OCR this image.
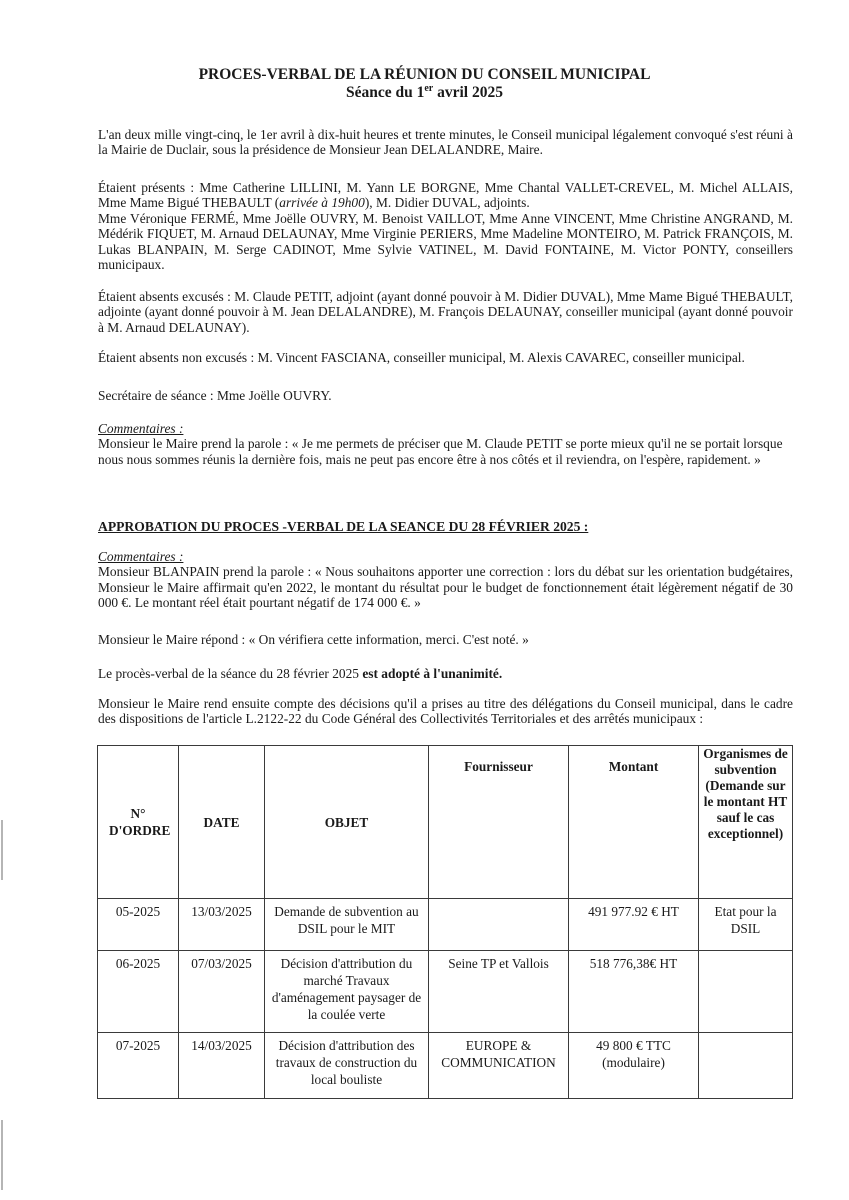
PROCES-VERBAL DE LA RÉUNION DU CONSEIL MUNICIPAL
Séance du 1er avril 2025

L'an deux mille vingt-cinq, le 1er avril à dix-huit heures et trente minutes, le Conseil municipal légalement convoqué s'est réuni à la Mairie de Duclair, sous la présidence de Monsieur Jean DELALANDRE, Maire.

Étaient présents : Mme Catherine LILLINI, M. Yann LE BORGNE, Mme Chantal VALLET-CREVEL, M. Michel ALLAIS, Mme Mame Bigué THEBAULT (arrivée à 19h00), M. Didier DUVAL, adjoints.
Mme Véronique FERMÉ, Mme Joëlle OUVRY, M. Benoist VAILLOT, Mme Anne VINCENT, Mme Christine ANGRAND, M. Médérik FIQUET, M. Arnaud DELAUNAY, Mme Virginie PERIERS, Mme Madeline MONTEIRO, M. Patrick FRANÇOIS, M. Lukas BLANPAIN, M. Serge CADINOT, Mme Sylvie VATINEL, M. David FONTAINE, M. Victor PONTY, conseillers municipaux.

Étaient absents excusés : M. Claude PETIT, adjoint (ayant donné pouvoir à M. Didier DUVAL), Mme Mame Bigué THEBAULT, adjointe (ayant donné pouvoir à M. Jean DELALANDRE), M. François DELAUNAY, conseiller municipal (ayant donné pouvoir à M. Arnaud DELAUNAY).

Étaient absents non excusés : M. Vincent FASCIANA, conseiller municipal, M. Alexis CAVAREC, conseiller municipal.

Secrétaire de séance : Mme Joëlle OUVRY.

Commentaires :
Monsieur le Maire prend la parole : « Je me permets de préciser que M. Claude PETIT se porte mieux qu'il ne se portait lorsque nous nous sommes réunis la dernière fois, mais ne peut pas encore être à nos côtés et il reviendra, on l'espère, rapidement. »
APPROBATION DU PROCES -VERBAL DE LA SEANCE DU 28 FÉVRIER 2025 :
Commentaires :
Monsieur BLANPAIN prend la parole : « Nous souhaitons apporter une correction : lors du débat sur les orientation budgétaires, Monsieur le Maire affirmait qu'en 2022, le montant du résultat pour le budget de fonctionnement était légèrement négatif de 30 000 €. Le montant réel était pourtant négatif de 174 000 €. »

Monsieur le Maire répond : « On vérifiera cette information, merci. C'est noté. »

Le procès-verbal de la séance du 28 février 2025 est adopté à l'unanimité.

Monsieur le Maire rend ensuite compte des décisions qu'il a prises au titre des délégations du Conseil municipal, dans le cadre des dispositions de l'article L.2122-22 du Code Général des Collectivités Territoriales et des arrêtés municipaux :

N° D'ORDRE	DATE	OBJET	Fournisseur	Montant	Organismes de subvention (Demande sur le montant HT sauf le cas exceptionnel)
05-2025	13/03/2025	Demande de subvention au DSIL pour le MIT		491 977.92 € HT	Etat pour la DSIL
06-2025	07/03/2025	Décision d'attribution du marché Travaux d'aménagement paysager de la coulée verte	Seine TP et Vallois	518 776,38€ HT	
07-2025	14/03/2025	Décision d'attribution des travaux de construction du local bouliste	EUROPE & COMMUNICATION	49 800 € TTC (modulaire)	
